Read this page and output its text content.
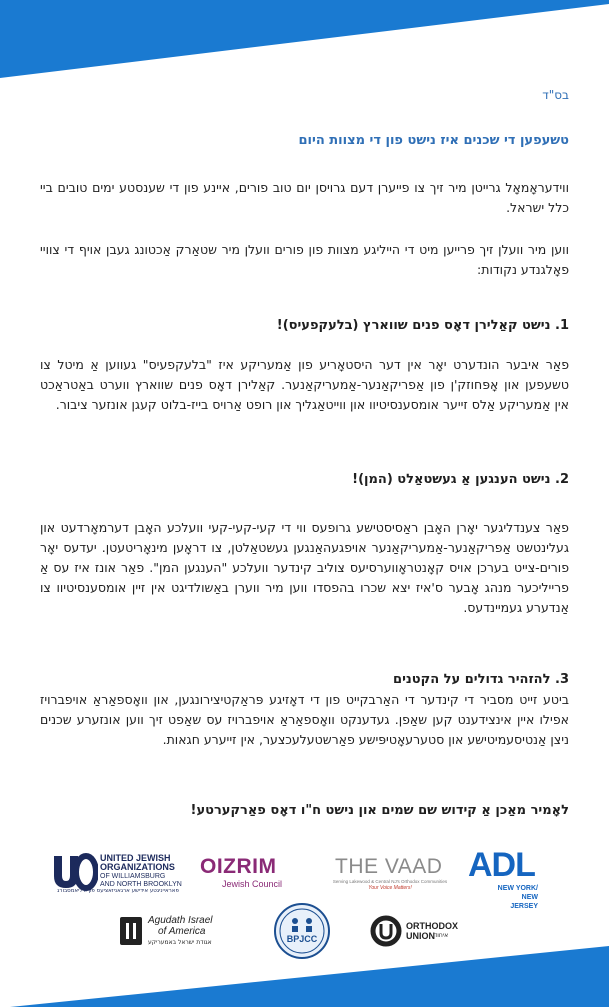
בס"ד
טשעפען די שכנים איז נישט פון די מצוות היום
ווידעראָמאָל גרייטן מיר זיך צו פייערן דעם גרויסן יום טוב פורים, איינע פון די שענסטע ימים טובים ביי כלל ישראל.
ווען מיר וועלן זיך פרייען מיט די הייליגע מצוות פון פורים וועלן מיר שטאַרק אַכטונג געבן אויף די צוויי פאָלגנדע נקודות:
1. נישט קאַלירן דאָס פנים שווארץ (בלעקפעיס)!
פאַר איבער הונדערט יאָר אין דער היסטאָריע פון אַמעריקע איז "בלעקפעיס" געווען אַ מיטל צו טשעפען און אָפּחוזק'ן פון אַפריקאַנער-אַמעריקאַנער. קאַלירן דאָס פנים שווארץ ווערט באַטראַכט אין אַמעריקע אַלס זייער אומסענסיטיוו און ווייטאַגליך און רופט אַרויס בייז-בלוט קעגן אונזער ציבור.
2. נישט הענגען אַ געשטאַלט (המן)!
פאַר צענדליגער יאָרן האָבן ראַסיסטישע גרופעס ווי די קעי-קעי-קעי וועלכע האָבן דערמאָרדעט און געלינטשט אַפריקאַנער-אַמעריקאַנער אויפגעהאַנגען געשטאַלטן, צו דראָען מינאָריטעטן. יעדעס יאָר פורים-צייט בערכן אויס קאָנטראָווערסיעס צוליב קינדער וועלכע "הענגען המן". פאַר אונז איז עס אַ פרייליכער מנהג אָבער ס'איז יצא שכרו בהפסדו ווען מיר ווערן באַשולדיגט אין זיין אומסענסיטיוו צו אַנדערע געמיינדעס.
3. להזהיר גדולים על הקטנים
ביטע זייט מסביר די קינדער די האַרבקייט פון די דאָזיגע פּראַקטיצירונגען, און וואָספאַראַ אויפברויז אפילו איין אינצידענט קען שאַפן. געדענקט וואָספאַראַ אויפברויז עס שאַפט זיך ווען אונזערע שכנים ניצן אַנטיסעמיטישע און סטערעאָטיפּישע פאַרשטעלעכצער, אין זייערע חגאות.
לאָמיר מאַכן אַ קידוש שם שמים און נישט ח"ו דאָס פאַרקערטע!
UNITED JEWISH
ORGANIZATIONS
OF WILLIAMSBURG
AND NORTH BROOKLYN
פאראייניגטע אידישע ארגאניזאציעס פון וויליאמסבורג
OIZRIM
Jewish Council
THE VAAD
Serving Lakewood & Central NJ's Orthodox Communities
Your Voice Matters!
ADL
NEW YORK/
NEW JERSEY
Agudath Israel
of America
אגודת ישראל באמעריקע	BPJCC
ORTHODOX
UNION איחוד
